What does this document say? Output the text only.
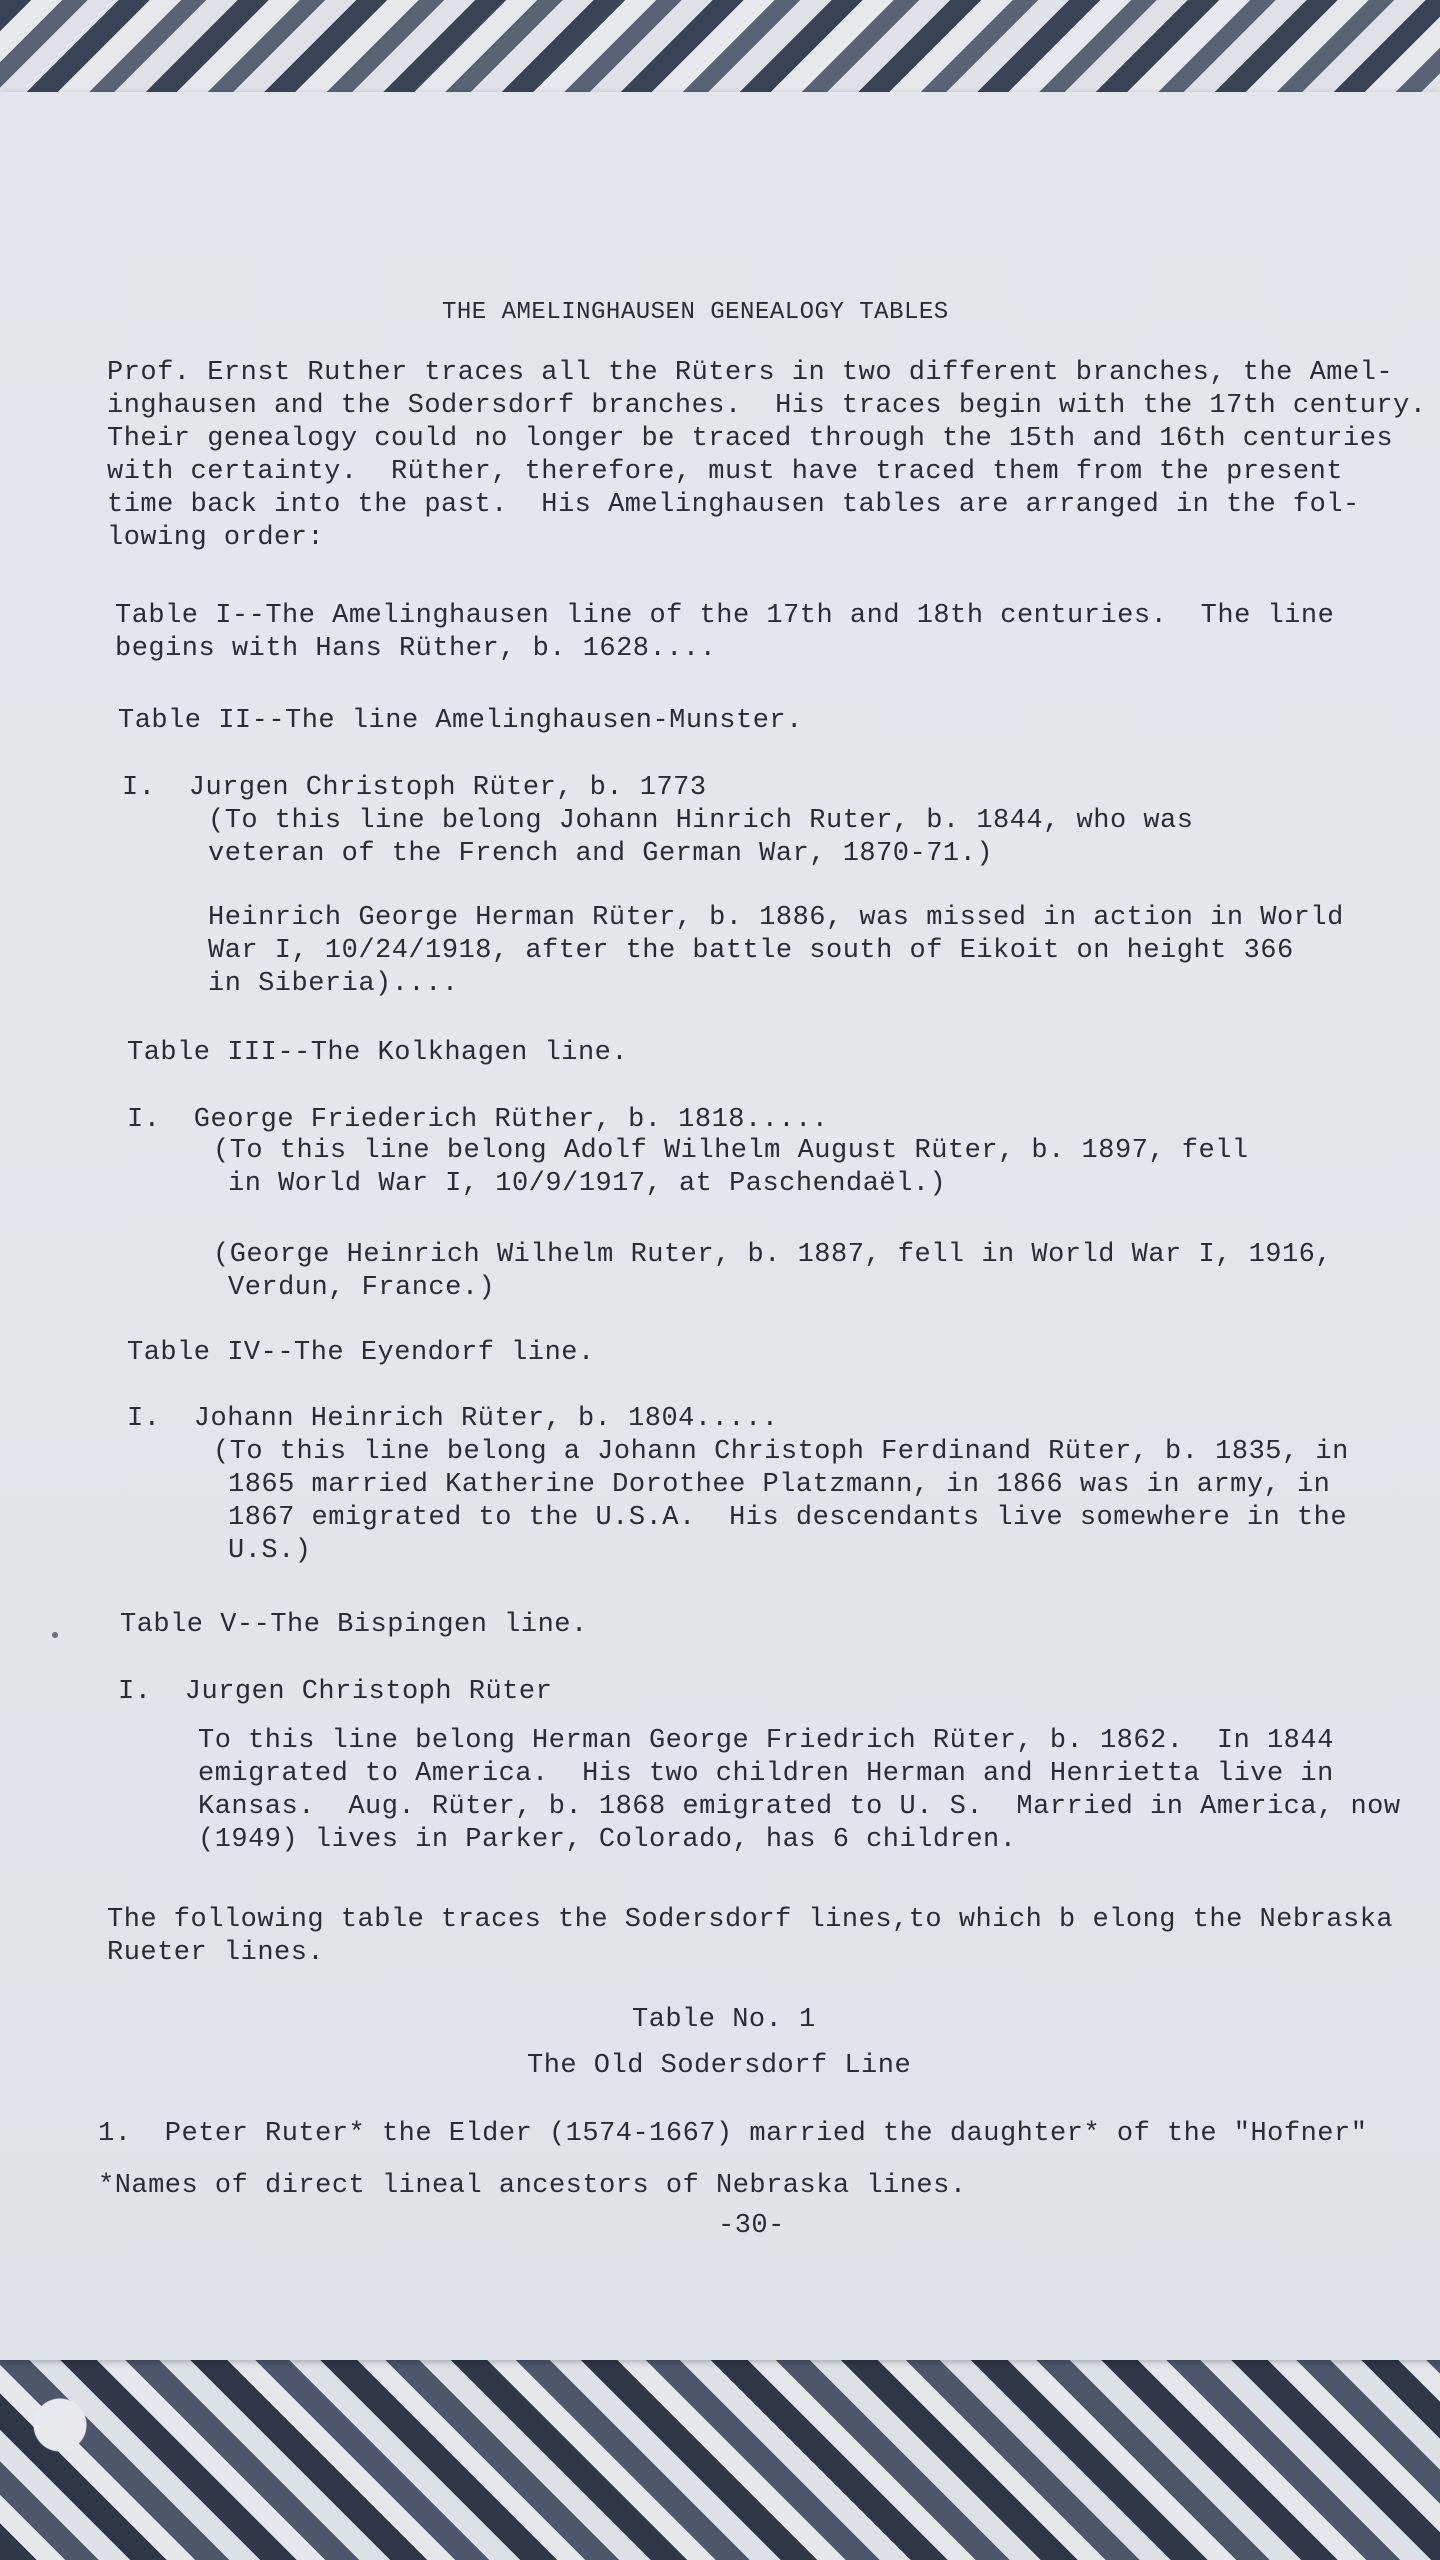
THE AMELINGHAUSEN GENEALOGY TABLES
Prof. Ernst Ruther traces all the Rüters in two different branches, the Amel-
inghausen and the Sodersdorf branches.  His traces begin with the 17th century.
Their genealogy could no longer be traced through the 15th and 16th centuries
with certainty.  Rüther, therefore, must have traced them from the present
time back into the past.  His Amelinghausen tables are arranged in the fol-
lowing order:
Table I--The Amelinghausen line of the 17th and 18th centuries.  The line
begins with Hans Rüther, b. 1628....
Table II--The line Amelinghausen-Munster.
I.  Jurgen Christoph Rüter, b. 1773
(To this line belong Johann Hinrich Ruter, b. 1844, who was
veteran of the French and German War, 1870-71.)
Heinrich George Herman Rüter, b. 1886, was missed in action in World
War I, 10/24/1918, after the battle south of Eikoit on height 366
in Siberia)....
Table III--The Kolkhagen line.
I.  George Friederich Rüther, b. 1818.....
(To this line belong Adolf Wilhelm August Rüter, b. 1897, fell
in World War I, 10/9/1917, at Paschendaël.)
(George Heinrich Wilhelm Ruter, b. 1887, fell in World War I, 1916,
Verdun, France.)
Table IV--The Eyendorf line.
I.  Johann Heinrich Rüter, b. 1804.....
(To this line belong a Johann Christoph Ferdinand Rüter, b. 1835, in
1865 married Katherine Dorothee Platzmann, in 1866 was in army, in
1867 emigrated to the U.S.A.  His descendants live somewhere in the
U.S.)
Table V--The Bispingen line.
I.  Jurgen Christoph Rüter
To this line belong Herman George Friedrich Rüter, b. 1862.  In 1844
emigrated to America.  His two children Herman and Henrietta live in
Kansas.  Aug. Rüter, b. 1868 emigrated to U. S.  Married in America, now
(1949) lives in Parker, Colorado, has 6 children.
The following table traces the Sodersdorf lines,to which b elong the Nebraska
Rueter lines.
Table No. 1
The Old Sodersdorf Line
1.  Peter Ruter* the Elder (1574-1667) married the daughter* of the "Hofner"
*Names of direct lineal ancestors of Nebraska lines.
-30-
